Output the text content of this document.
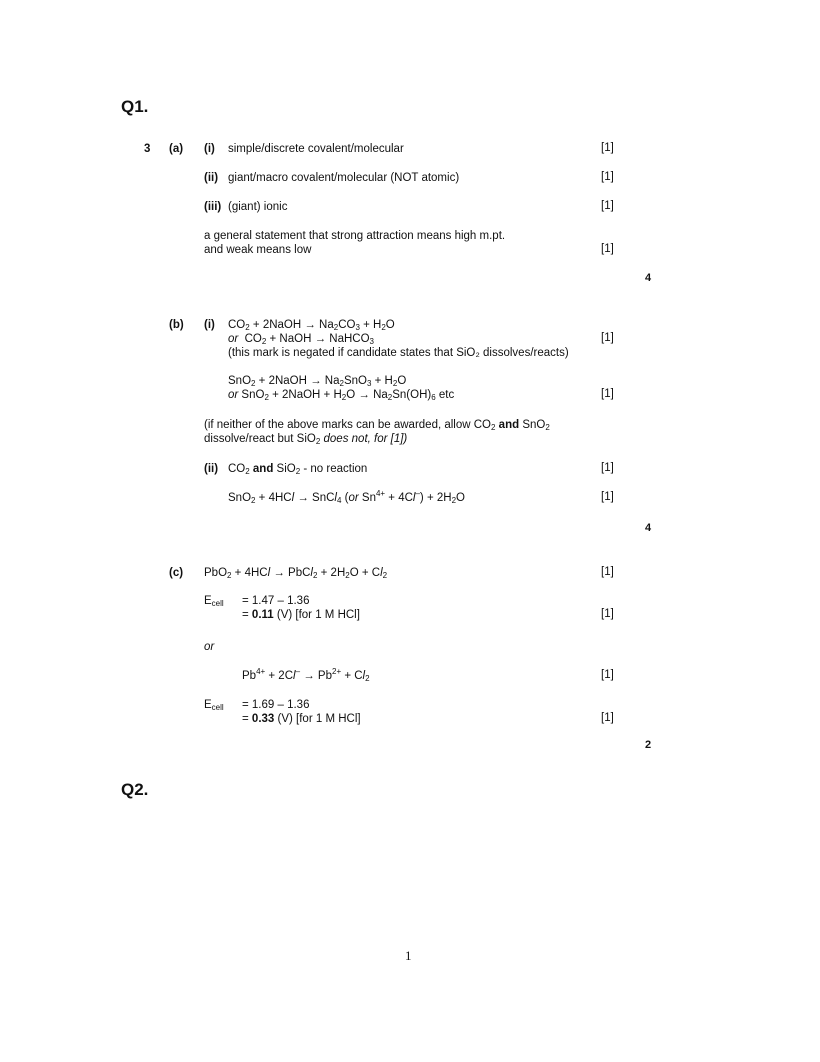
Q1.
3 (a) (i) simple/discrete covalent/molecular	[1]
(ii) giant/macro covalent/molecular (NOT atomic)	[1]
(iii) (giant) ionic	[1]
a general statement that strong attraction means high m.pt.
and weak means low	[1]
4
(b) (i) $CO_2$ + 2NaOH → $Na_2CO_3 + H_2O$
or  $CO_2$ + NaOH → NaHCO$_3$	[1]
(this mark is negated if candidate states that SiO₂ dissolves/reacts)
SnO$_2$ + 2NaOH → $Na_2SnO_3 + H_2O$
or SnO$_2$ + 2NaOH + $H_2O \to Na_2Sn(OH)_6$ etc	[1]
(if neither of the above marks can be awarded, allow $CO_2$ and SnO$_2$
dissolve/react but SiO$_2$ does not, for [1])
(ii) $CO_2$ and SiO$_2$ - no reaction	[1]
SnO$_2$ + 4HCl → SnCl$_4$ (or $Sn^{4+} + 4Cl^-) + 2H_2O$	[1]
4
(c) PbO$_2$ + 4HCl → PbCl$_2$ + $2H_2O + Cl_2$	[1]
$E_{cell} = 1.47 - 1.36$
= 0.11 (V) [for 1 M HCl]	[1]
or
$Pb^{4+} + 2Cl^- \to Pb^{2+} + Cl_2$	[1]
$E_{cell} = 1.69 - 1.36$
= 0.33 (V) [for 1 M HCl]	[1]
2
Q2.
1
